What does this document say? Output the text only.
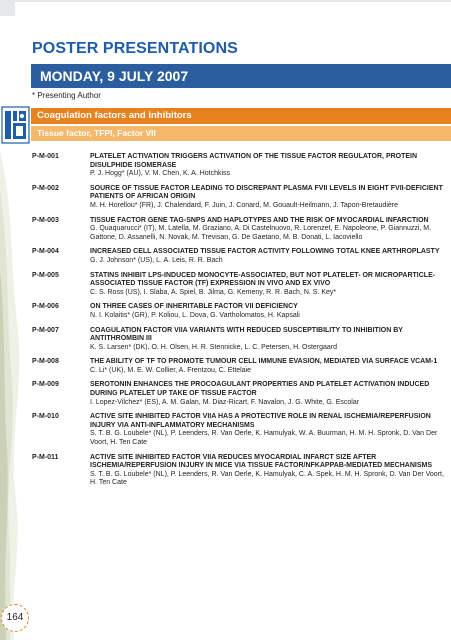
POSTER PRESENTATIONS
MONDAY, 9 JULY 2007
* Presenting Author
Coagulation factors and inhibitors
Tissue factor, TFPI, Factor VII
P-M-001	PLATELET ACTIVATION TRIGGERS ACTIVATION OF THE TISSUE FACTOR REGULATOR, PROTEIN DISULPHIDE ISOMERASE
P. J. Hogg* (AU), V. M. Chen, K. A. Hotchkiss
P-M-002	SOURCE OF TISSUE FACTOR LEADING TO DISCREPANT PLASMA FVII LEVELS IN EIGHT FVII-DEFICIENT PATIENTS OF AFRICAN ORIGIN
M. H. Horellou* (FR), J. Chalendard, F. Juin, J. Conard, M. Gouault-Heilmann, J. Tapon-Bretaudière
P-M-003	TISSUE FACTOR GENE TAG-SNPS AND HAPLOTYPES AND THE RISK OF MYOCARDIAL INFARCTION
G. Quaquarucci* (IT), M. Latella, M. Graziano, A. Di Castelnuovo, R. Lorenzet, E. Napoleone, P. Giannuzzi, M. Gattone, D. Assanelli, N. Novak, M. Trevisan, G. De Gaetano, M. B. Donati, L. Iacoviello
P-M-004	INCREASED CELL ASSOCIATED TISSUE FACTOR ACTIVITY FOLLOWING TOTAL KNEE ARTHROPLASTY
G. J. Johnson* (US), L. A. Leis, R. R. Bach
P-M-005	STATINS INHIBIT LPS-INDUCED MONOCYTE-ASSOCIATED, BUT NOT PLATELET- OR MICROPARTICLE-ASSOCIATED TISSUE FACTOR (TF) EXPRESSION IN VIVO AND EX VIVO
C. S. Ross (US), I. Slaba, A. Spiel, B. Jilma, G. Kemeny, R. R. Bach, N. S. Key*
P-M-006	ON THREE CASES OF INHERITABLE FACTOR VII DEFICIENCY
N. I. Kolaitis* (GR), P. Koliou, L. Dova, G. Vartholomatos, H. Kapsali
P-M-007	COAGULATION FACTOR VIIA VARIANTS WITH REDUCED SUSCEPTIBILITY TO INHIBITION BY ANTITHROMBIN III
K. S. Larsen* (DK), O. H. Olsen, H. R. Stennicke, L. C. Petersen, H. Ostergaard
P-M-008	THE ABILITY OF TF TO PROMOTE TUMOUR CELL IMMUNE EVASION, MEDIATED VIA SURFACE VCAM-1
C. Li* (UK), M. E. W. Collier, A. Frentzou, C. Ettelaie
P-M-009	SEROTONIN ENHANCES THE PROCOAGULANT PROPERTIES AND PLATELET ACTIVATION INDUCED DURING PLATELET UP TAKE OF TISSUE FACTOR
I. Lopez-Vilchez* (ES), A. M. Galan, M. Diaz-Ricart, F. Navalon, J. G. White, G. Escolar
P-M-010	ACTIVE SITE INHIBITED FACTOR VIIA HAS A PROTECTIVE ROLE IN RENAL ISCHEMIA/REPERFUSION INJURY VIA ANTI-INFLAMMATORY MECHANISMS
S. T. B. G. Loubele* (NL), P. Leenders, R. Van Oerle, K. Hamulyak, W. A. Buurman, H. M. H. Spronk, D. Van Der Voort, H. Ten Cate
P-M-011	ACTIVE SITE INHIBITED FACTOR VIIA REDUCES MYOCARDIAL INFARCT SIZE AFTER ISCHEMIA/REPERFUSION INJURY IN MICE VIA TISSUE FACTOR/NFKAPPAB-MEDIATED MECHANISMS
S. T. B. G. Loubele* (NL), P. Leenders, R. Van Oerle, K. Hamulyak, C. A. Spek, H. M. H. Spronk, D. Van Der Voort, H. Ten Cate
164
